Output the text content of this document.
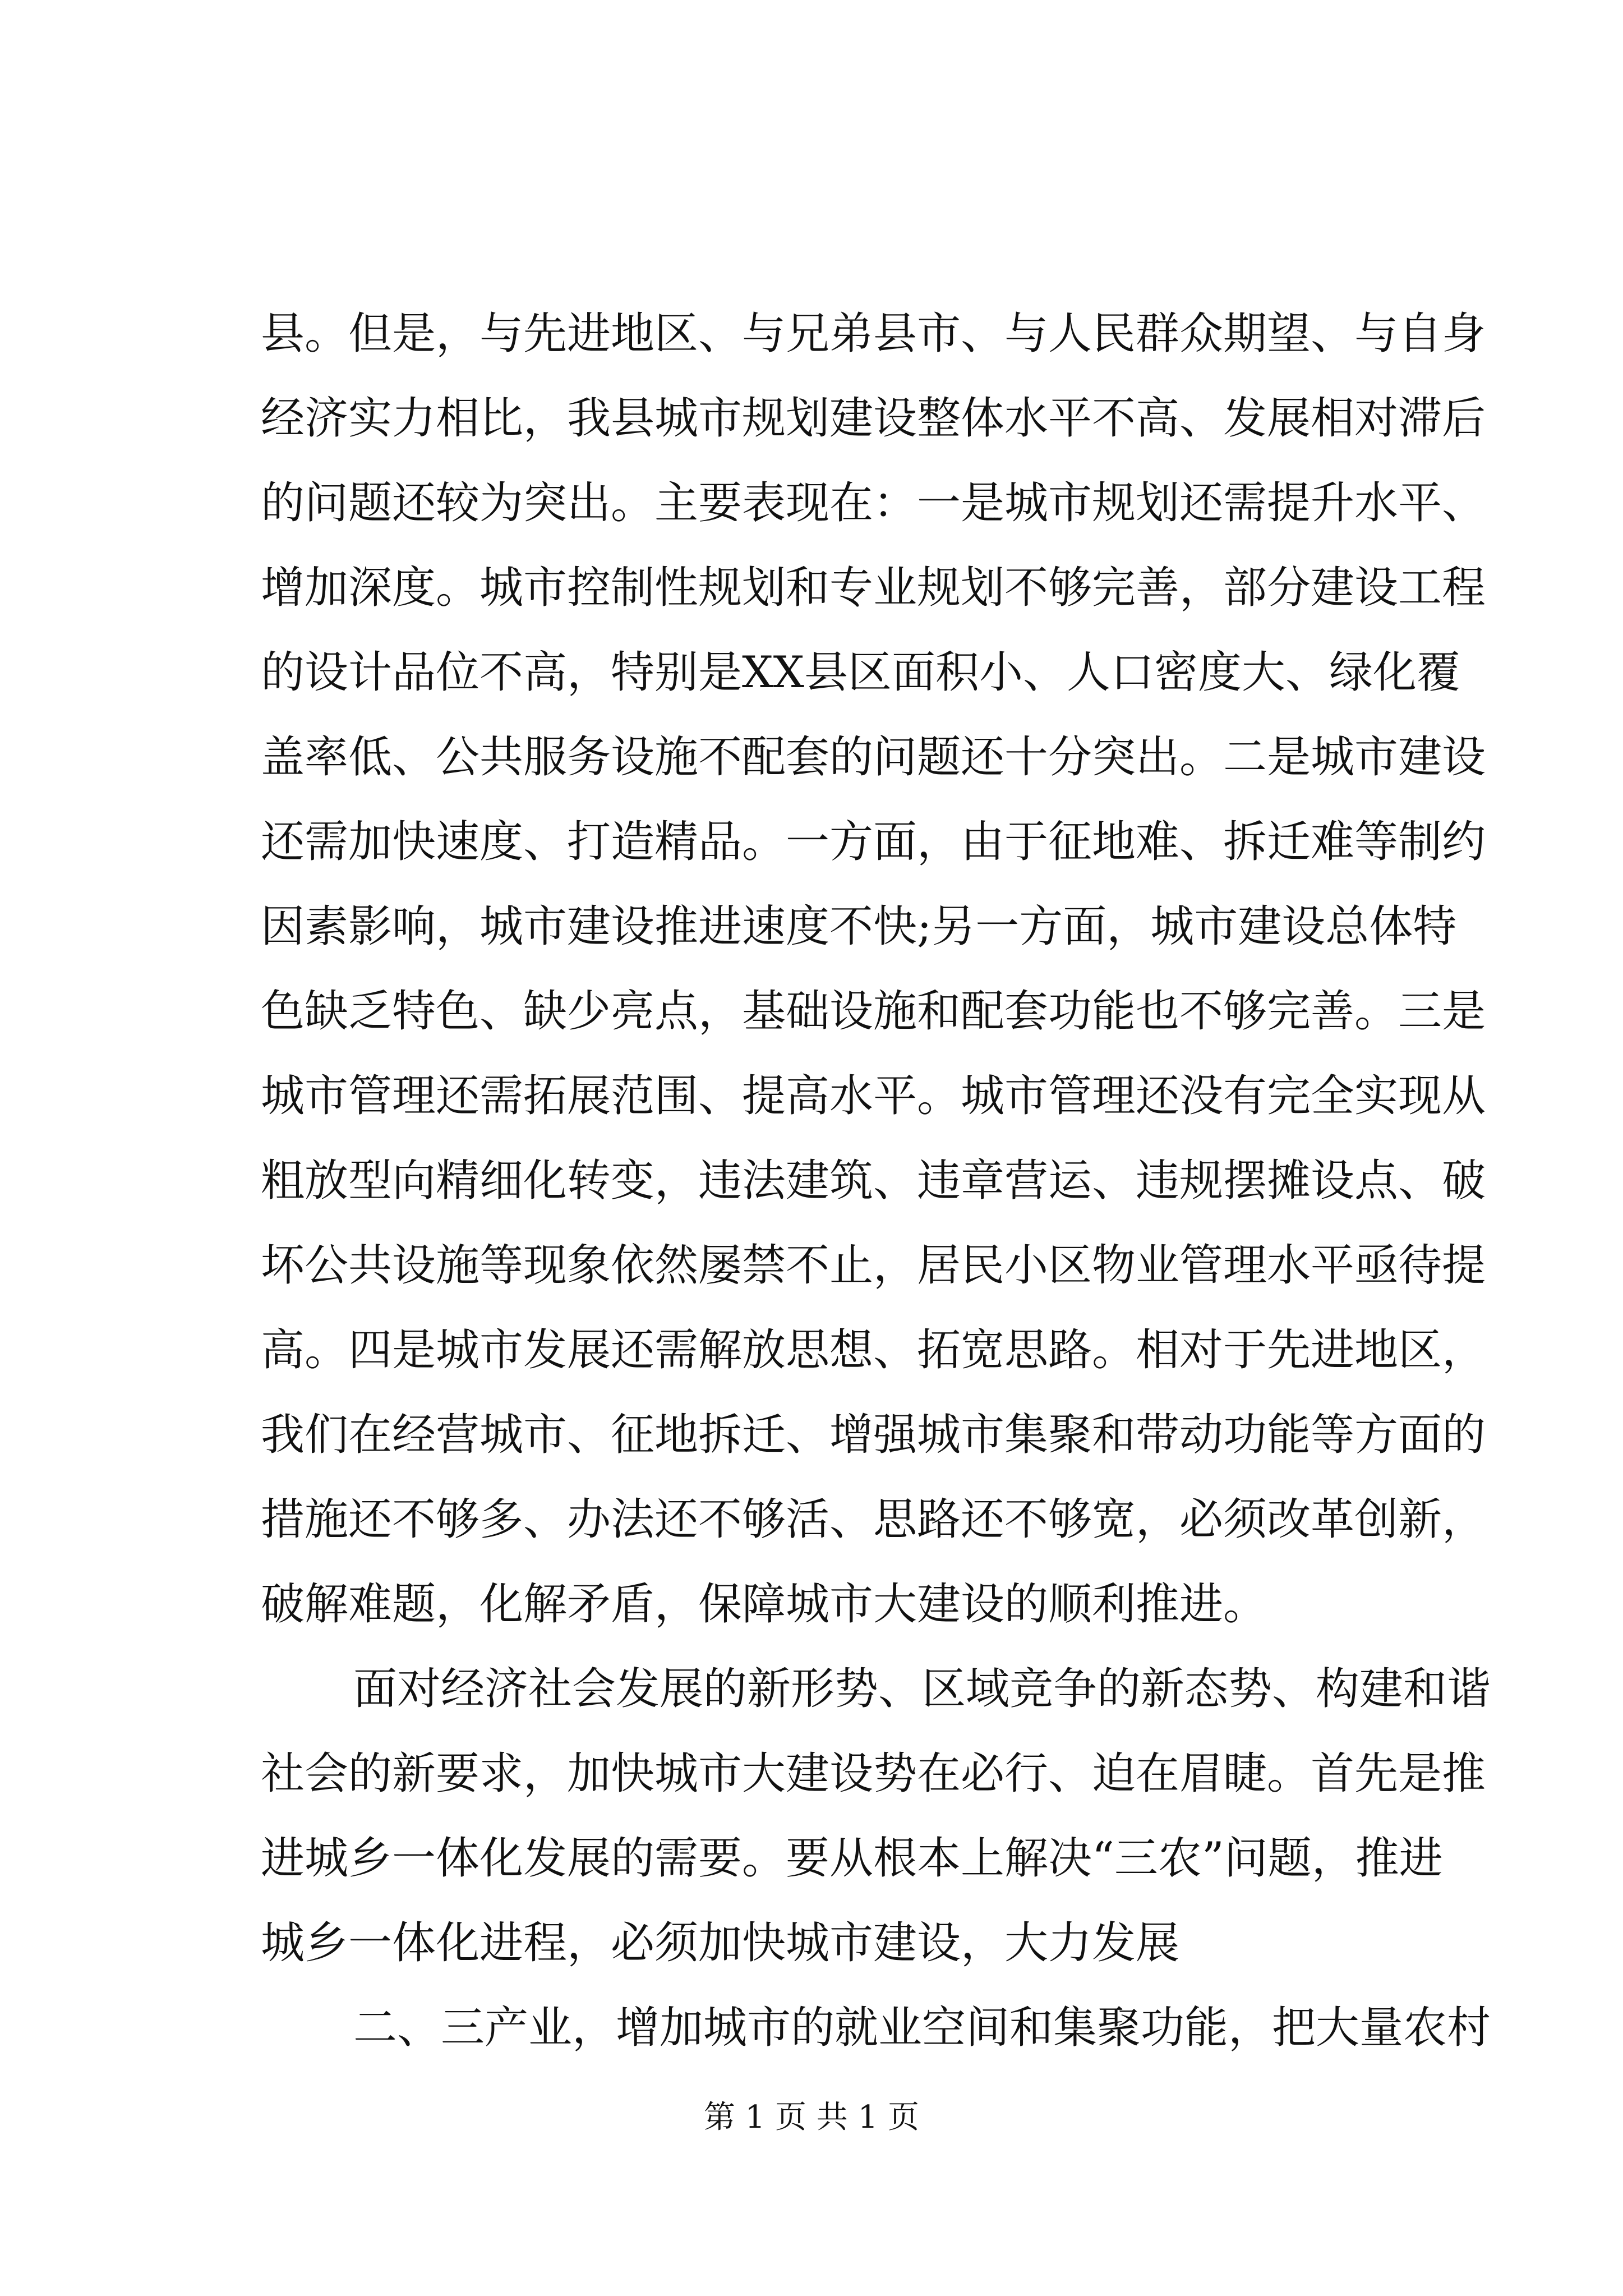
县。但是，与先进地区、与兄弟县市、与人民群众期望、与自身
经济实力相比，我县城市规划建设整体水平不高、发展相对滞后
的问题还较为突出。主要表现在：一是城市规划还需提升水平、
增加深度。城市控制性规划和专业规划不够完善，部分建设工程
的设计品位不高，特别是XX县区面积小、人口密度大、绿化覆
盖率低、公共服务设施不配套的问题还十分突出。二是城市建设
还需加快速度、打造精品。一方面，由于征地难、拆迁难等制约
因素影响，城市建设推进速度不快;另一方面，城市建设总体特
色缺乏特色、缺少亮点，基础设施和配套功能也不够完善。三是
城市管理还需拓展范围、提高水平。城市管理还没有完全实现从
粗放型向精细化转变，违法建筑、违章营运、违规摆摊设点、破
坏公共设施等现象依然屡禁不止，居民小区物业管理水平亟待提
高。四是城市发展还需解放思想、拓宽思路。相对于先进地区，
我们在经营城市、征地拆迁、增强城市集聚和带动功能等方面的
措施还不够多、办法还不够活、思路还不够宽，必须改革创新，
破解难题，化解矛盾，保障城市大建设的顺利推进。
面对经济社会发展的新形势、区域竞争的新态势、构建和谐
社会的新要求，加快城市大建设势在必行、迫在眉睫。首先是推
进城乡一体化发展的需要。要从根本上解决“三农”问题，推进
城乡一体化进程，必须加快城市建设，大力发展
二、三产业，增加城市的就业空间和集聚功能，把大量农村
第 1 页 共 1 页
